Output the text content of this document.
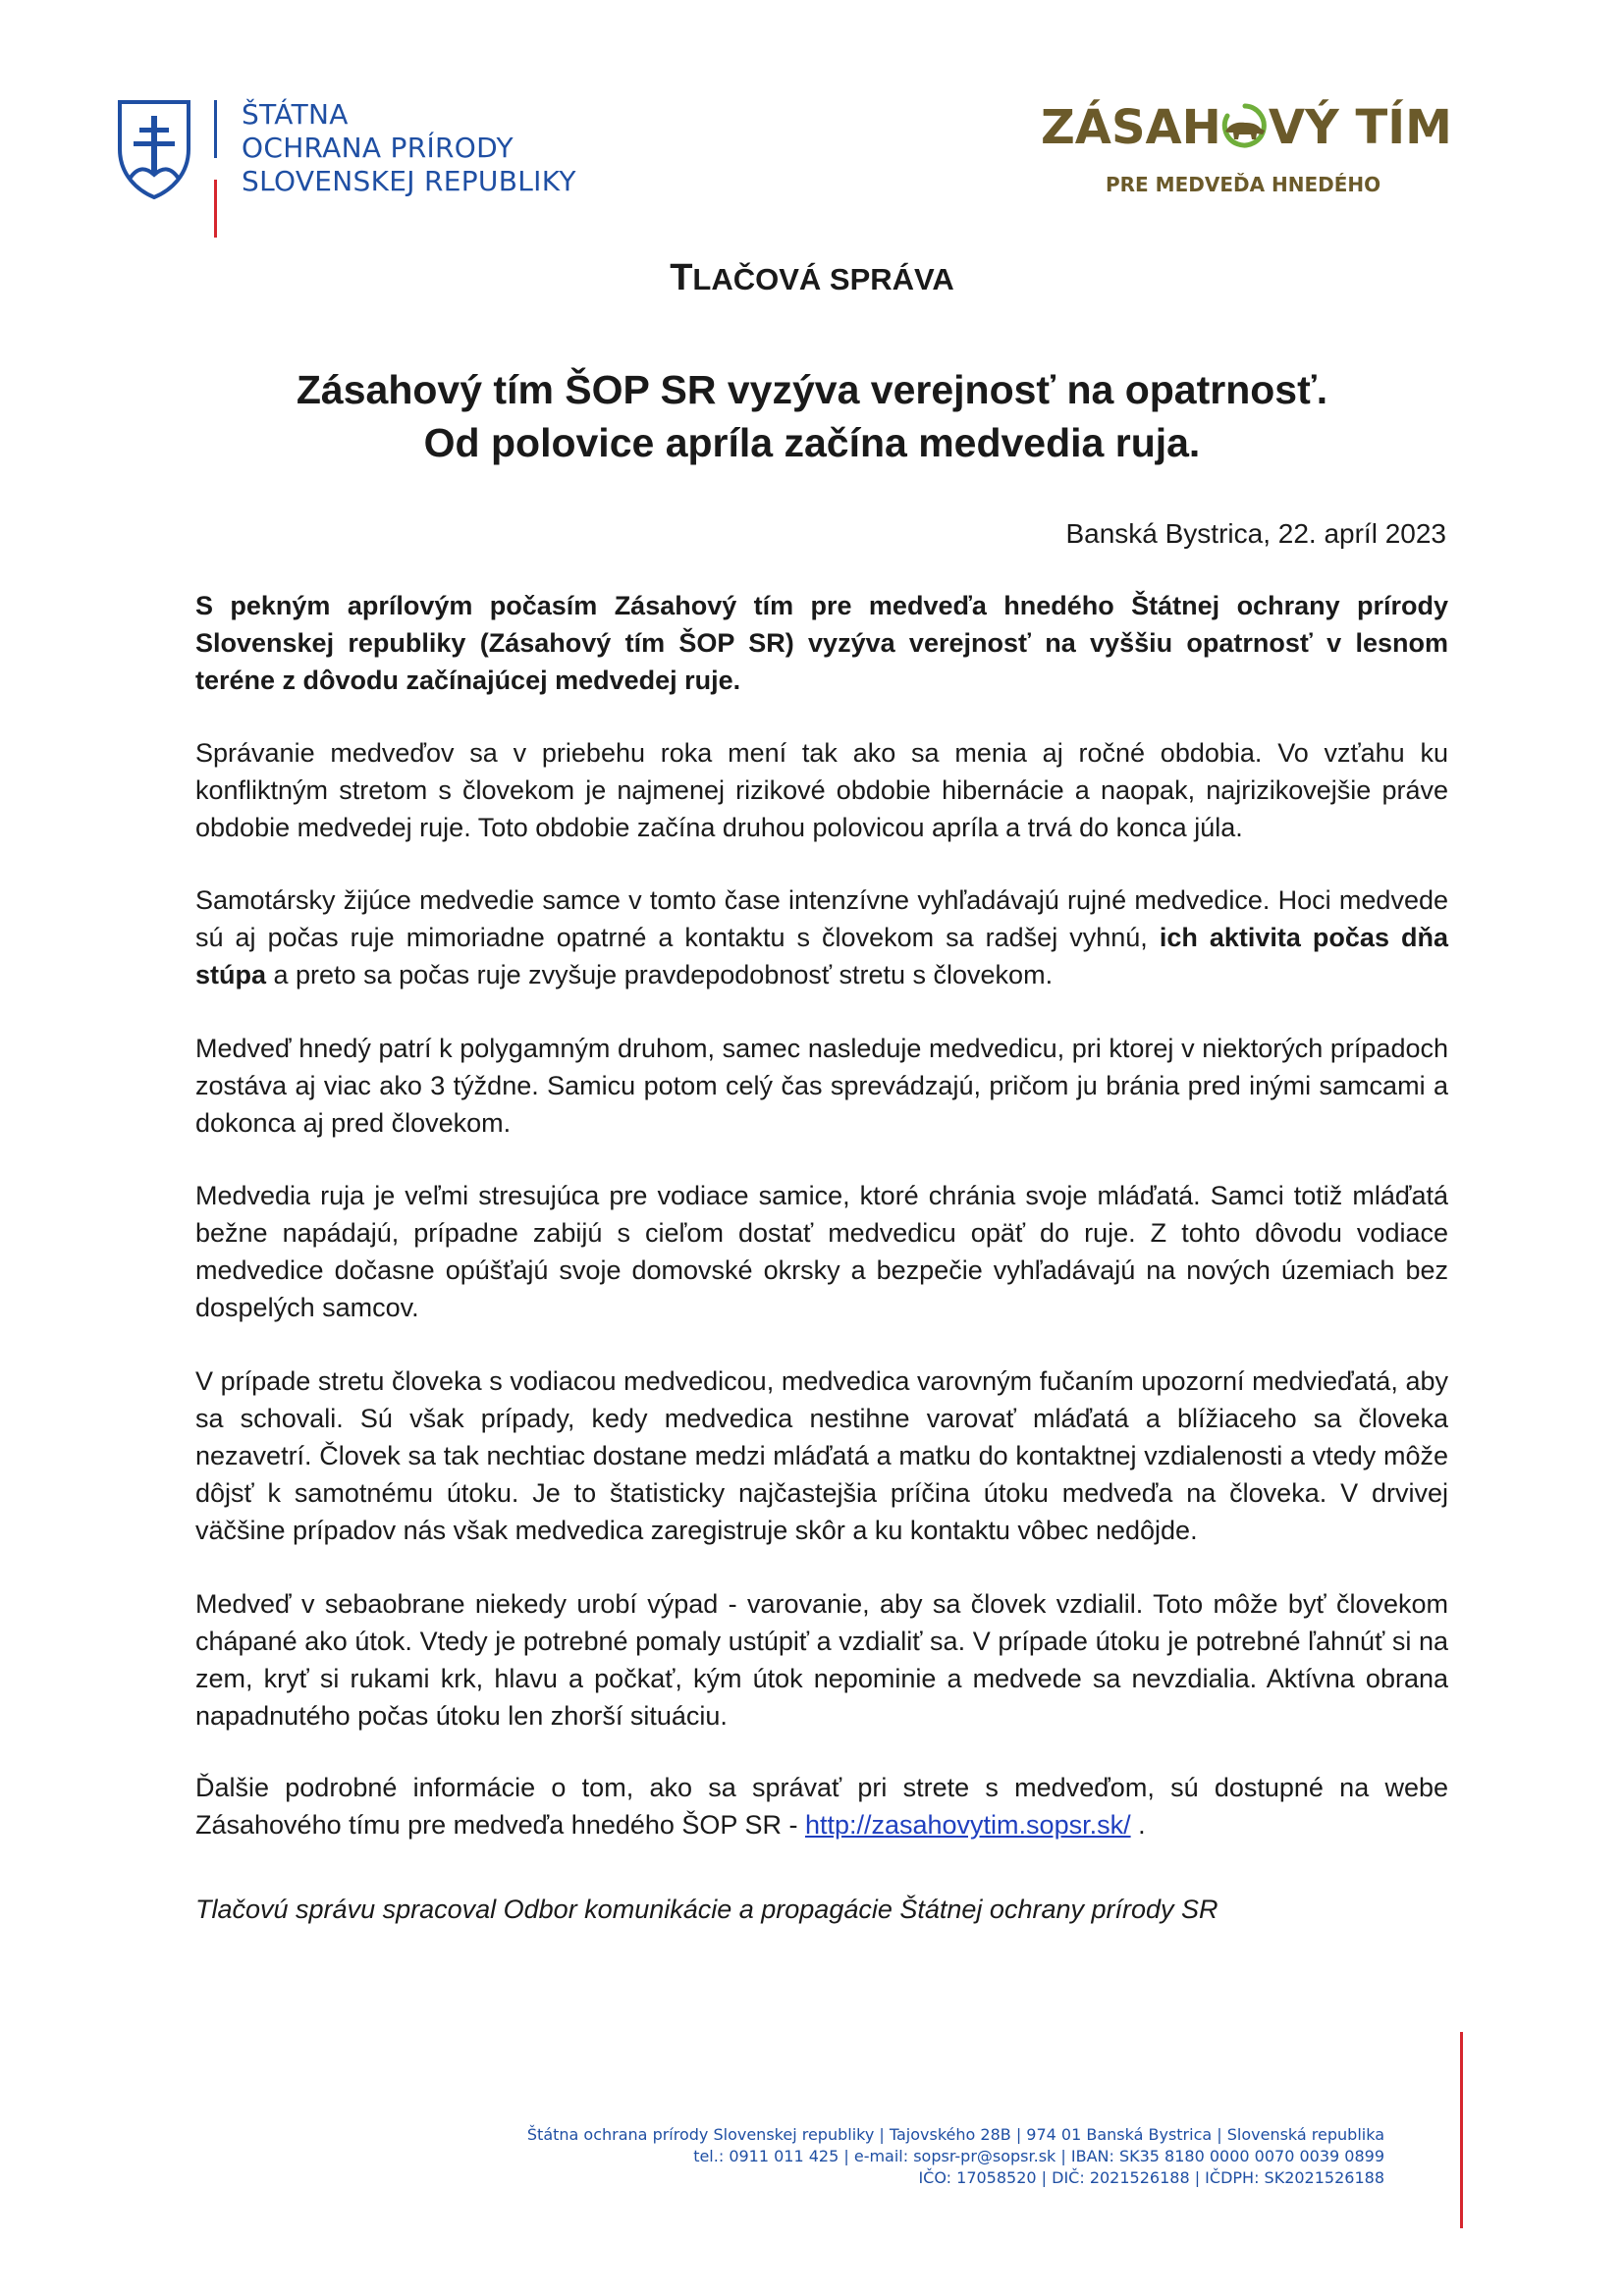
ŠTÁTNA
OCHRANA PRÍRODY
SLOVENSKEJ REPUBLIKY
ZÁSAH VÝ TÍM
PRE MEDVEĎA HNEDÉHO
TLAČOVÁ SPRÁVA
Zásahový tím ŠOP SR vyzýva verejnosť na opatrnosť.
Od polovice apríla začína medvedia ruja.
Banská Bystrica, 22. apríl 2023

S pekným aprílovým počasím Zásahový tím pre medveďa hnedého Štátnej ochrany prírody Slovenskej republiky (Zásahový tím ŠOP SR) vyzýva verejnosť na vyššiu opatrnosť v lesnom teréne z dôvodu začínajúcej medvedej ruje.

Správanie medveďov sa v priebehu roka mení tak ako sa menia aj ročné obdobia. Vo vzťahu ku konfliktným stretom s človekom je najmenej rizikové obdobie hibernácie a naopak, najrizikovejšie práve obdobie medvedej ruje. Toto obdobie začína druhou polovicou apríla a trvá do konca júla.

Samotársky žijúce medvedie samce v tomto čase intenzívne vyhľadávajú rujné medvedice. Hoci medvede sú aj počas ruje mimoriadne opatrné a kontaktu s človekom sa radšej vyhnú, ich aktivita počas dňa stúpa a preto sa počas ruje zvyšuje pravdepodobnosť stretu s človekom.

Medveď hnedý patrí k polygamným druhom, samec nasleduje medvedicu, pri ktorej v niektorých prípadoch zostáva aj viac ako 3 týždne. Samicu potom celý čas sprevádzajú, pričom ju bránia pred inými samcami a dokonca aj pred človekom.

Medvedia ruja je veľmi stresujúca pre vodiace samice, ktoré chránia svoje mláďatá. Samci totiž mláďatá bežne napádajú, prípadne zabijú s cieľom dostať medvedicu opäť do ruje. Z tohto dôvodu vodiace medvedice dočasne opúšťajú svoje domovské okrsky a bezpečie vyhľadávajú na nových územiach bez dospelých samcov.

V prípade stretu človeka s vodiacou medvedicou, medvedica varovným fučaním upozorní medvieďatá, aby sa schovali. Sú však prípady, kedy medvedica nestihne varovať mláďatá a blížiaceho sa človeka nezavetrí. Človek sa tak nechtiac dostane medzi mláďatá a matku do kontaktnej vzdialenosti a vtedy môže dôjsť k samotnému útoku. Je to štatisticky najčastejšia príčina útoku medveďa na človeka. V drvivej väčšine prípadov nás však medvedica zaregistruje skôr a ku kontaktu vôbec nedôjde.

Medveď v sebaobrane niekedy urobí výpad - varovanie, aby sa človek vzdialil. Toto môže byť človekom chápané ako útok. Vtedy je potrebné pomaly ustúpiť a vzdialiť sa. V prípade útoku je potrebné ľahnúť si na zem, kryť si rukami krk, hlavu a počkať, kým útok nepominie a medvede sa nevzdialia. Aktívna obrana napadnutého počas útoku len zhorší situáciu.

Ďalšie podrobné informácie o tom, ako sa správať pri strete s medveďom, sú dostupné na webe Zásahového tímu pre medveďa hnedého ŠOP SR - http://zasahovytim.sopsr.sk/ .

Tlačovú správu spracoval Odbor komunikácie a propagácie Štátnej ochrany prírody SR

Štátna ochrana prírody Slovenskej republiky | Tajovského 28B | 974 01 Banská Bystrica | Slovenská republika
tel.: 0911 011 425 | e-mail: sopsr-pr@sopsr.sk | IBAN: SK35 8180 0000 0070 0039 0899
IČO: 17058520 | DIČ: 2021526188 | IČDPH: SK2021526188
